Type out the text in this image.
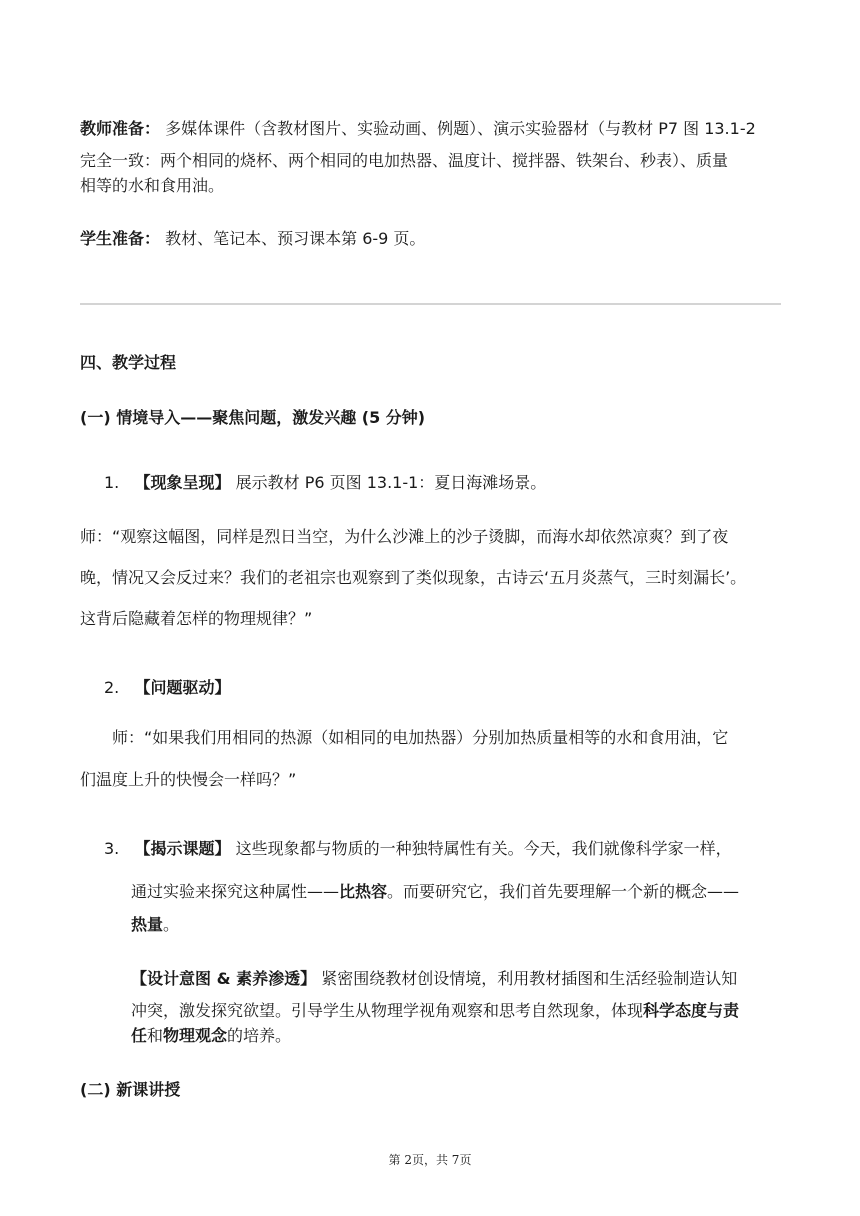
教师准备： 多媒体课件（含教材图片、实验动画、例题）、演示实验器材（与教材 P7 图 13.1-2
完全一致：两个相同的烧杯、两个相同的电加热器、温度计、搅拌器、铁架台、秒表）、质量
相等的水和食用油。
学生准备： 教材、笔记本、预习课本第 6-9 页。
四、教学过程
(一) 情境导入——聚焦问题，激发兴趣 (5 分钟)
1. 【现象呈现】 展示教材 P6 页图 13.1-1：夏日海滩场景。
师：“观察这幅图，同样是烈日当空，为什么沙滩上的沙子烫脚，而海水却依然凉爽？到了夜
晚，情况又会反过来？我们的老祖宗也观察到了类似现象，古诗云‘五月炎蒸气，三时刻漏长’。
这背后隐藏着怎样的物理规律？”
2. 【问题驱动】
师：“如果我们用相同的热源（如相同的电加热器）分别加热质量相等的水和食用油，它
们温度上升的快慢会一样吗？”
3. 【揭示课题】 这些现象都与物质的一种独特属性有关。今天，我们就像科学家一样，
通过实验来探究这种属性——比热容。而要研究它，我们首先要理解一个新的概念——
热量。
【设计意图 & 素养渗透】 紧密围绕教材创设情境，利用教材插图和生活经验制造认知
冲突，激发探究欲望。引导学生从物理学视角观察和思考自然现象，体现科学态度与责
任和物理观念的培养。
(二) 新课讲授
第 2页，共 7页
